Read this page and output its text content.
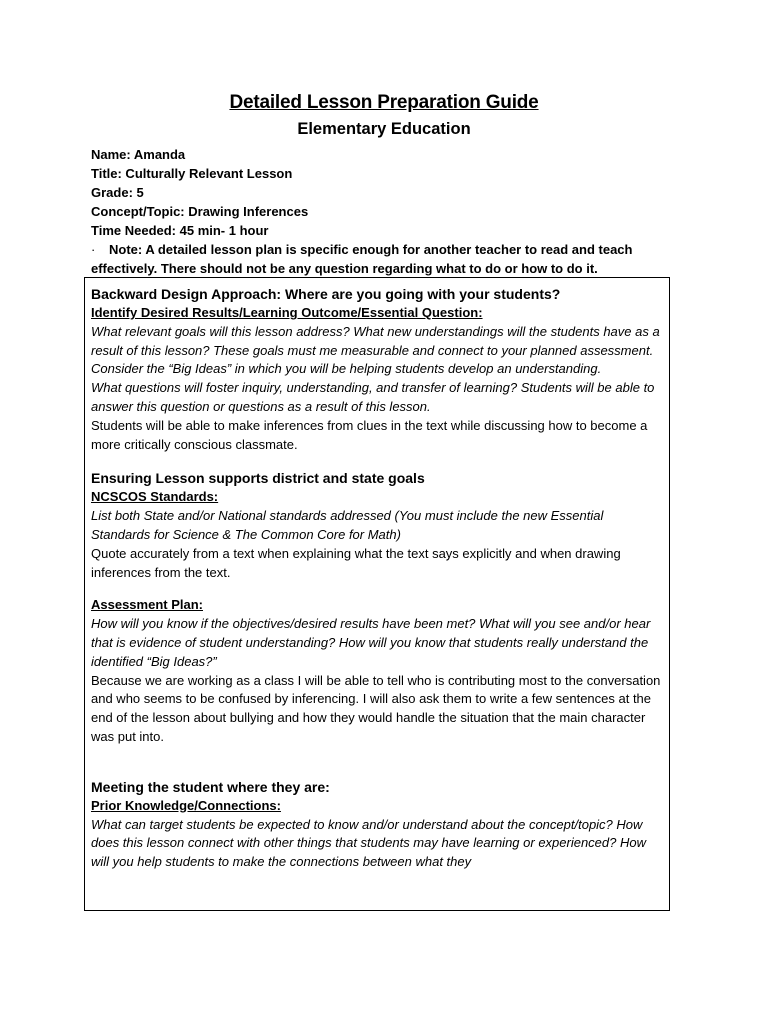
Detailed Lesson Preparation Guide
Elementary Education
Name: Amanda
Title: Culturally Relevant Lesson
Grade: 5
Concept/Topic: Drawing Inferences
Time Needed: 45 min- 1 hour
· Note: A detailed lesson plan is specific enough for another teacher to read and teach effectively. There should not be any question regarding what to do or how to do it.
Backward Design Approach: Where are you going with your students?
Identify Desired Results/Learning Outcome/Essential Question:

What relevant goals will this lesson address? What new understandings will the students have as a result of this lesson? These goals must me measurable and connect to your planned assessment. Consider the “Big Ideas” in which you will be helping students develop an understanding.

What questions will foster inquiry, understanding, and transfer of learning? Students will be able to answer this question or questions as a result of this lesson.

Students will be able to make inferences from clues in the text while discussing how to become a more critically conscious classmate.

Ensuring Lesson supports district and state goals
NCSCOS Standards:

List both State and/or National standards addressed (You must include the new Essential Standards for Science & The Common Core for Math)

Quote accurately from a text when explaining what the text says explicitly and when drawing inferences from the text.

Assessment Plan:

How will you know if the objectives/desired results have been met? What will you see and/or hear that is evidence of student understanding? How will you know that students really understand the identified “Big Ideas?”

Because we are working as a class I will be able to tell who is contributing most to the conversation and who seems to be confused by inferencing. I will also ask them to write a few sentences at the end of the lesson about bullying and how they would handle the situation that the main character was put into.

Meeting the student where they are:
Prior Knowledge/Connections:

What can target students be expected to know and/or understand about the concept/topic? How does this lesson connect with other things that students may have learning or experienced? How will you help students to make the connections between what they
